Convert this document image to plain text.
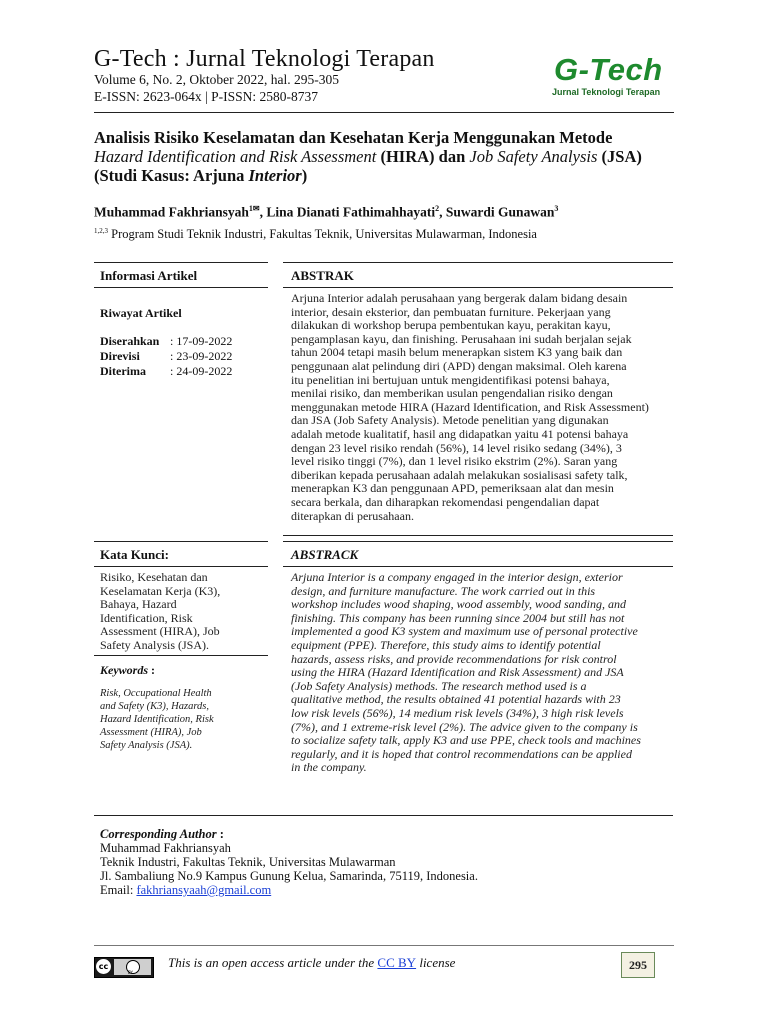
G-Tech : Jurnal Teknologi Terapan
Volume 6, No. 2, Oktober 2022, hal. 295-305
E-ISSN: 2623-064x | P-ISSN: 2580-8737
G-Tech
Jurnal Teknologi Terapan
Analisis Risiko Keselamatan dan Kesehatan Kerja Menggunakan Metode
Hazard Identification and Risk Assessment (HIRA) dan Job Safety Analysis (JSA)
(Studi Kasus: Arjuna Interior)
Muhammad Fakhriansyah$^{1✉}$, Lina Dianati Fathimahhayati$^2$, Suwardi Gunawan$^3$
$^{1,2,3}$ Program Studi Teknik Industri, Fakultas Teknik, Universitas Mulawarman, Indonesia
Informasi Artikel
Riwayat Artikel
Diserahkan : 17-09-2022
Direvisi	: 23-09-2022
Diterima : 24-09-2022
ABSTRAK
Arjuna Interior adalah perusahaan yang bergerak dalam bidang desain
interior, desain eksterior, dan pembuatan furniture. Pekerjaan yang
dilakukan di workshop berupa pembentukan kayu, perakitan kayu,
pengamplasan kayu, dan finishing. Perusahaan ini sudah berjalan sejak
tahun 2004 tetapi masih belum menerapkan sistem K3 yang baik dan
penggunaan alat pelindung diri (APD) dengan maksimal. Oleh karena
itu penelitian ini bertujuan untuk mengidentifikasi potensi bahaya,
menilai risiko, dan memberikan usulan pengendalian risiko dengan
menggunakan metode HIRA (Hazard Identification, and Risk Assessment)
dan JSA (Job Safety Analysis). Metode penelitian yang digunakan
adalah metode kualitatif, hasil ang didapatkan yaitu 41 potensi bahaya
dengan 23 level risiko rendah (56%), 14 level risiko sedang (34%), 3
level risiko tinggi (7%), dan 1 level risiko ekstrim (2%). Saran yang
diberikan kepada perusahaan adalah melakukan sosialisasi safety talk,
menerapkan K3 dan penggunaan APD, pemeriksaan alat dan mesin
secara berkala, dan diharapkan rekomendasi pengendalian dapat
diterapkan di perusahaan.
Kata Kunci:
Risiko, Kesehatan dan
Keselamatan Kerja (K3),
Bahaya, Hazard
Identification, Risk
Assessment (HIRA), Job
Safety Analysis (JSA).
Keywords :
Risk, Occupational Health
and Safety (K3), Hazards,
Hazard Identification, Risk
Assessment (HIRA), Job
Safety Analysis (JSA).
ABSTRACK
Arjuna Interior is a company engaged in the interior design, exterior
design, and furniture manufacture. The work carried out in this
workshop includes wood shaping, wood assembly, wood sanding, and
finishing. This company has been running since 2004 but still has not
implemented a good K3 system and maximum use of personal protective
equipment (PPE). Therefore, this study aims to identify potential
hazards, assess risks, and provide recommendations for risk control
using the HIRA (Hazard Identification and Risk Assessment) and JSA
(Job Safety Analysis) methods. The research method used is a
qualitative method, the results obtained 41 potential hazards with 23
low risk levels (56%), 14 medium risk levels (34%), 3 high risk levels
(7%), and 1 extreme-risk level (2%). The advice given to the company is
to socialize safety talk, apply K3 and use PPE, check tools and machines
regularly, and it is hoped that control recommendations can be applied
in the company.
Corresponding Author :
Muhammad Fakhriansyah
Teknik Industri, Fakultas Teknik, Universitas Mulawarman
Jl. Sambaliung No.9 Kampus Gunung Kelua, Samarinda, 75119, Indonesia.
Email: fakhriansyaah@gmail.com
cc
BY
This is an open access article under the CC BY license	295
